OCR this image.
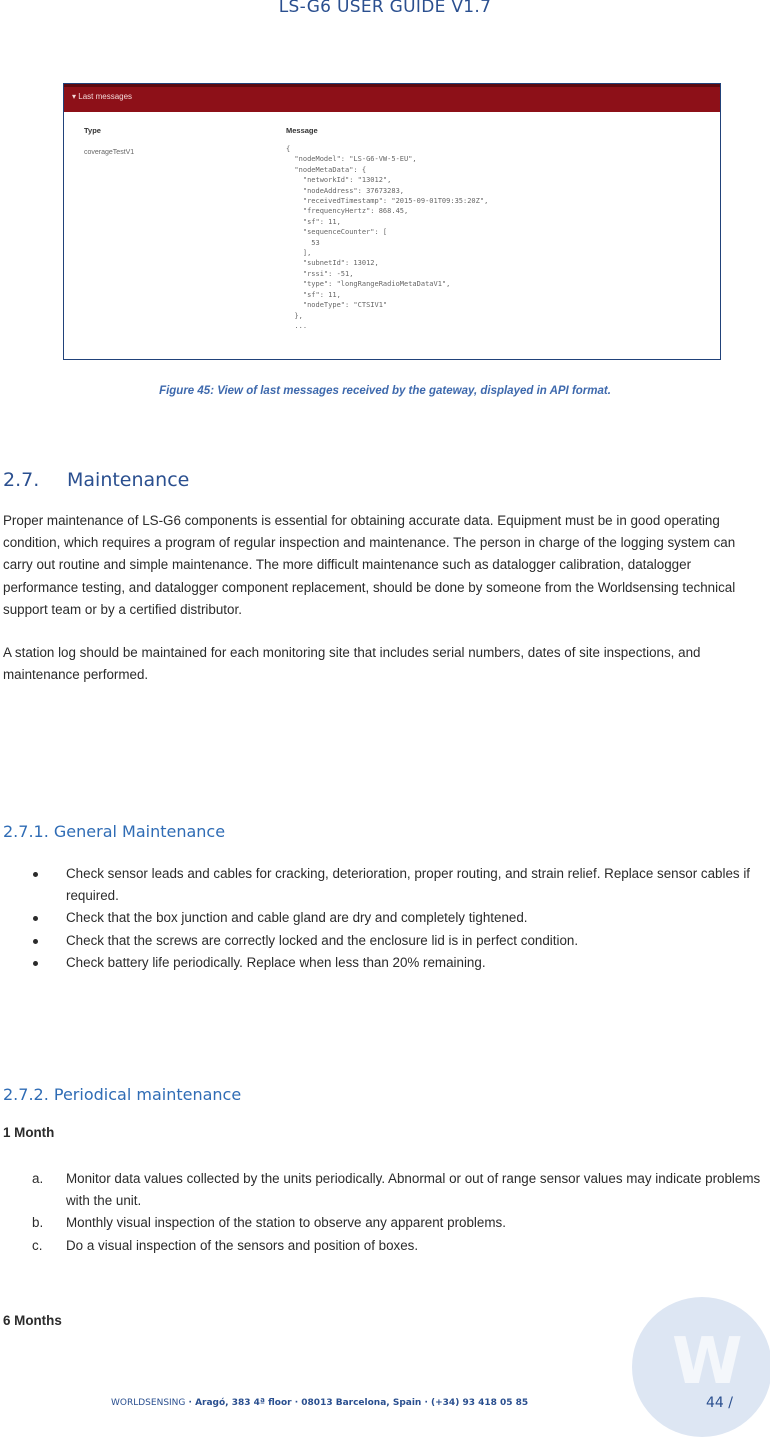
LS-G6 USER GUIDE V1.7
▾ Last messages
Type	Message
coverageTestV1	{
"nodeModel": "LS-G6-VW-5-EU",
"nodeMetaData": {
"networkId": "13012",
"nodeAddress": 37673283,
"receivedTimestamp": "2015-09-01T09:35:20Z",
"frequencyHertz": 868.45,
"sf": 11,
"sequenceCounter": [
53
],
"subnetId": 13012,
"rssi": -51,
"type": "longRangeRadioMetaDataV1",
"sf": 11,
"nodeType": "CTSIV1"
},
...
Figure 45: View of last messages received by the gateway, displayed in API format.
2.7. Maintenance

Proper maintenance of LS-G6 components is essential for obtaining accurate data. Equipment must be in good operating condition, which requires a program of regular inspection and maintenance. The person in charge of the logging system can carry out routine and simple maintenance. The more difficult maintenance such as datalogger calibration, datalogger performance testing, and datalogger component replacement, should be done by someone from the Worldsensing technical support team or by a certified distributor.

A station log should be maintained for each monitoring site that includes serial numbers, dates of site inspections, and maintenance performed.

2.7.1. General Maintenance
Check sensor leads and cables for cracking, deterioration, proper routing, and strain relief. Replace sensor cables if required.
Check that the box junction and cable gland are dry and completely tightened.
Check that the screws are correctly locked and the enclosure lid is in perfect condition.
Check battery life periodically. Replace when less than 20% remaining.
2.7.2. Periodical maintenance
1 Month
a. Monitor data values collected by the units periodically. Abnormal or out of range sensor values may indicate problems with the unit.
b. Monthly visual inspection of the station to observe any apparent problems.
c. Do a visual inspection of the sensors and position of boxes.
6 Months
W
WORLDSENSING · Aragó, 383 4ª floor · 08013 Barcelona, Spain · (+34) 93 418 05 85	44 /
